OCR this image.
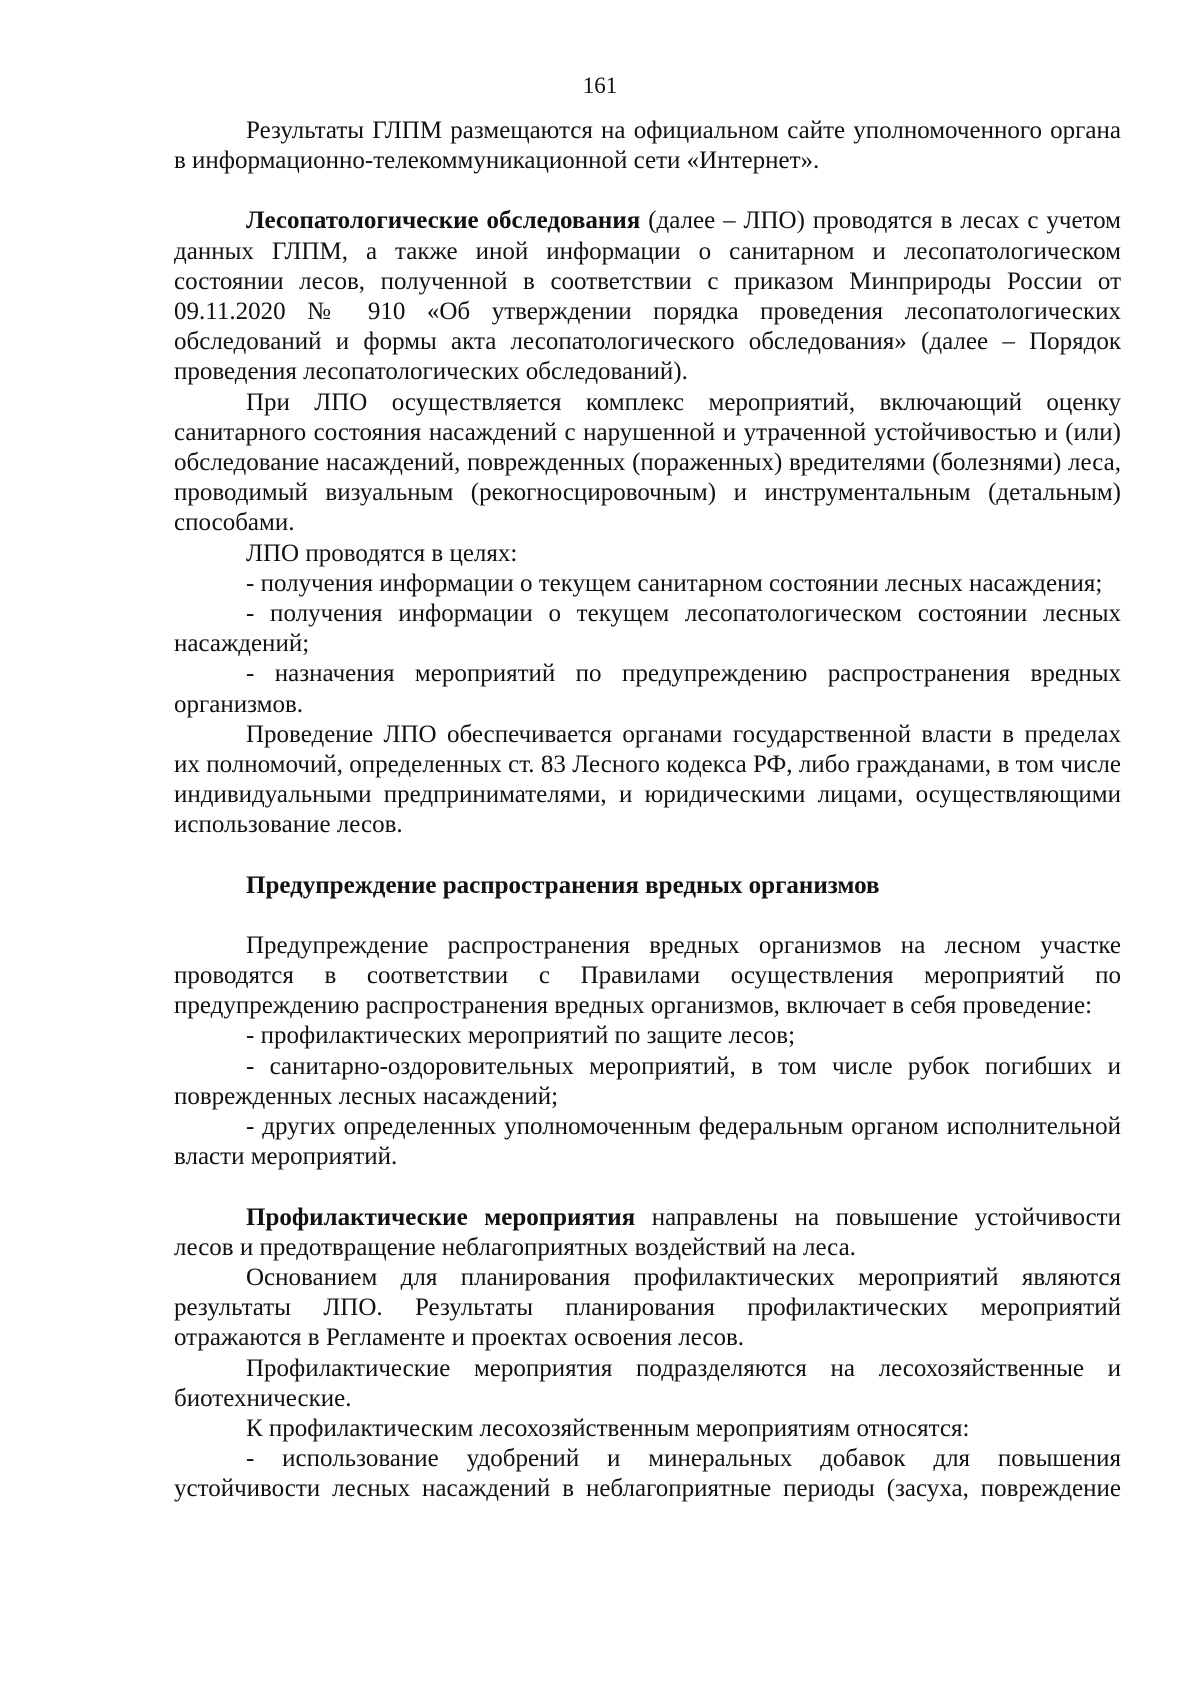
161

Результаты ГЛПМ размещаются на официальном сайте уполномоченного органа в информационно-телекоммуникационной сети «Интернет».

Лесопатологические обследования (далее – ЛПО) проводятся в лесах с учетом данных ГЛПМ, а также иной информации о санитарном и лесопатологическом состоянии лесов, полученной в соответствии с приказом Минприроды России от 09.11.2020 № 910 «Об утверждении порядка проведения лесопатологических обследований и формы акта лесопатологического обследования» (далее – Порядок проведения лесопатологических обследований).

При ЛПО осуществляется комплекс мероприятий, включающий оценку санитарного состояния насаждений с нарушенной и утраченной устойчивостью и (или) обследование насаждений, поврежденных (пораженных) вредителями (болезнями) леса, проводимый визуальным (рекогносцировочным) и инструментальным (детальным) способами.

ЛПО проводятся в целях:

- получения информации о текущем санитарном состоянии лесных насаждения;

- получения информации о текущем лесопатологическом состоянии лесных насаждений;

- назначения мероприятий по предупреждению распространения вредных организмов.

Проведение ЛПО обеспечивается органами государственной власти в пределах их полномочий, определенных ст. 83 Лесного кодекса РФ, либо гражданами, в том числе индивидуальными предпринимателями, и юридическими лицами, осуществляющими использование лесов.

Предупреждение распространения вредных организмов

Предупреждение распространения вредных организмов на лесном участке проводятся в соответствии с Правилами осуществления мероприятий по предупреждению распространения вредных организмов, включает в себя проведение:

- профилактических мероприятий по защите лесов;

- санитарно-оздоровительных мероприятий, в том числе рубок погибших и поврежденных лесных насаждений;

- других определенных уполномоченным федеральным органом исполнительной власти мероприятий.

Профилактические мероприятия направлены на повышение устойчивости лесов и предотвращение неблагоприятных воздействий на леса.

Основанием для планирования профилактических мероприятий являются результаты ЛПО. Результаты планирования профилактических мероприятий отражаются в Регламенте и проектах освоения лесов.

Профилактические мероприятия подразделяются на лесохозяйственные и биотехнические.

К профилактическим лесохозяйственным мероприятиям относятся:

- использование удобрений и минеральных добавок для повышения устойчивости лесных насаждений в неблагоприятные периоды (засуха, повреждение
